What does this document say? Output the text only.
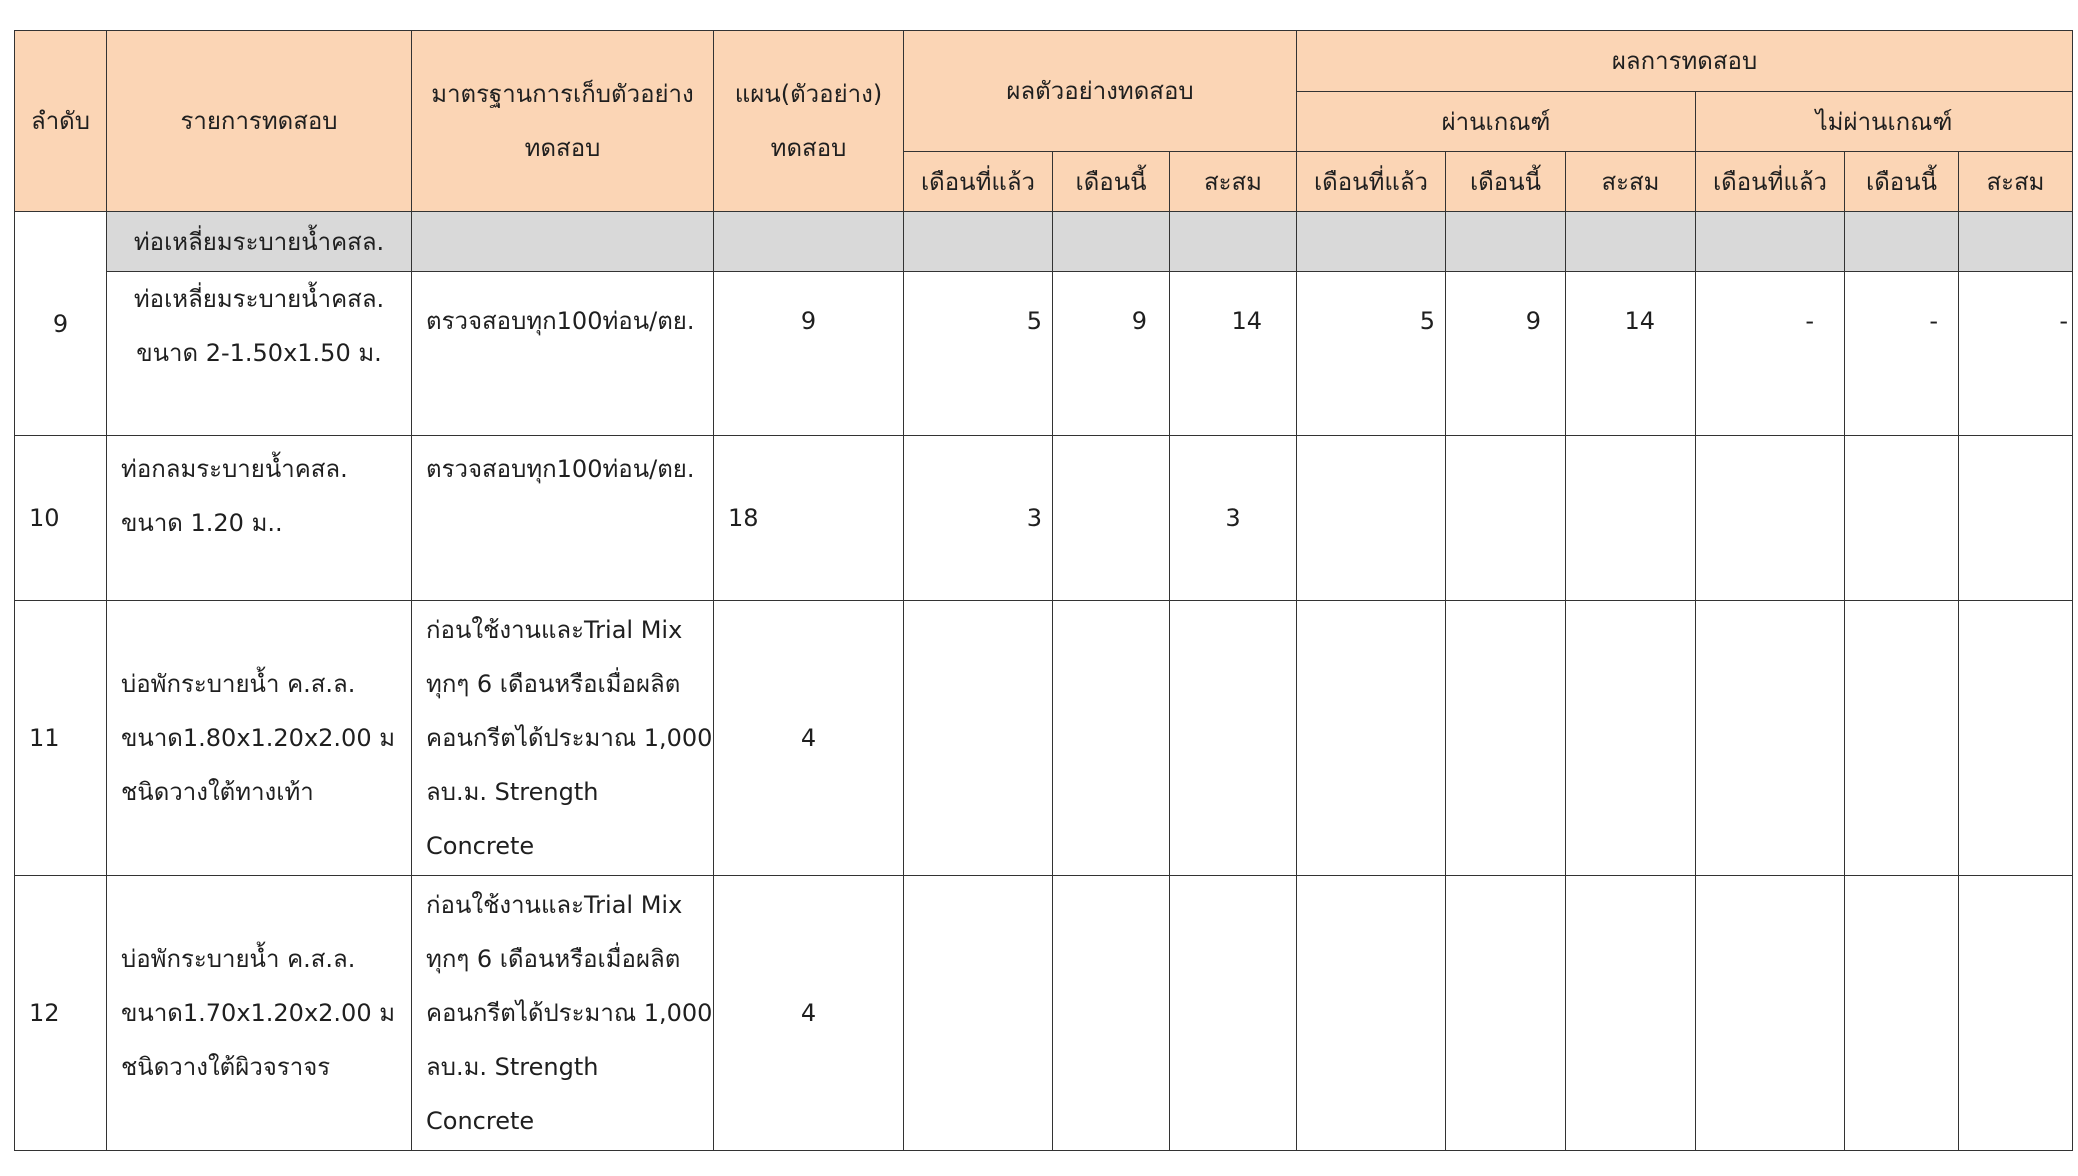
ลำดับ	รายการทดสอบ	มาตรฐานการเก็บตัวอย่างทดสอบ	แผน(ตัวอย่าง) ทดสอบ	ผลตัวอย่างทดสอบ			ผลการทดสอบ					
							ผ่านเกณฑ์			ไม่ผ่านเกณฑ์		
				เดือนที่แล้ว	เดือนนี้	สะสม	เดือนที่แล้ว	เดือนนี้	สะสม	เดือนที่แล้ว	เดือนนี้	สะสม
9	ท่อเหลี่ยมระบายน้ำคสล.											
	ท่อเหลี่ยมระบายน้ำคสล. ขนาด 2-1.50x1.50 ม.	ตรวจสอบทุก100ท่อน/ตย.	9	5	9	14	5	9	14	-	-	-
10	ท่อกลมระบายน้ำคสล. ขนาด 1.20 ม..	ตรวจสอบทุก100ท่อน/ตย.	18	3		3						
11	บ่อพักระบายน้ำ ค.ส.ล. ขนาด1.80x1.20x2.00 ม ชนิดวางใต้ทางเท้า	ก่อนใช้งานและTrial Mix ทุกๆ 6 เดือนหรือเมื่อผลิตคอนกรีตได้ประมาณ 1,000 ลบ.ม. Strength Concrete	4									
12	บ่อพักระบายน้ำ ค.ส.ล. ขนาด1.70x1.20x2.00 ม ชนิดวางใต้ผิวจราจร	ก่อนใช้งานและTrial Mix ทุกๆ 6 เดือนหรือเมื่อผลิตคอนกรีตได้ประมาณ 1,000 ลบ.ม. Strength Concrete	4									
